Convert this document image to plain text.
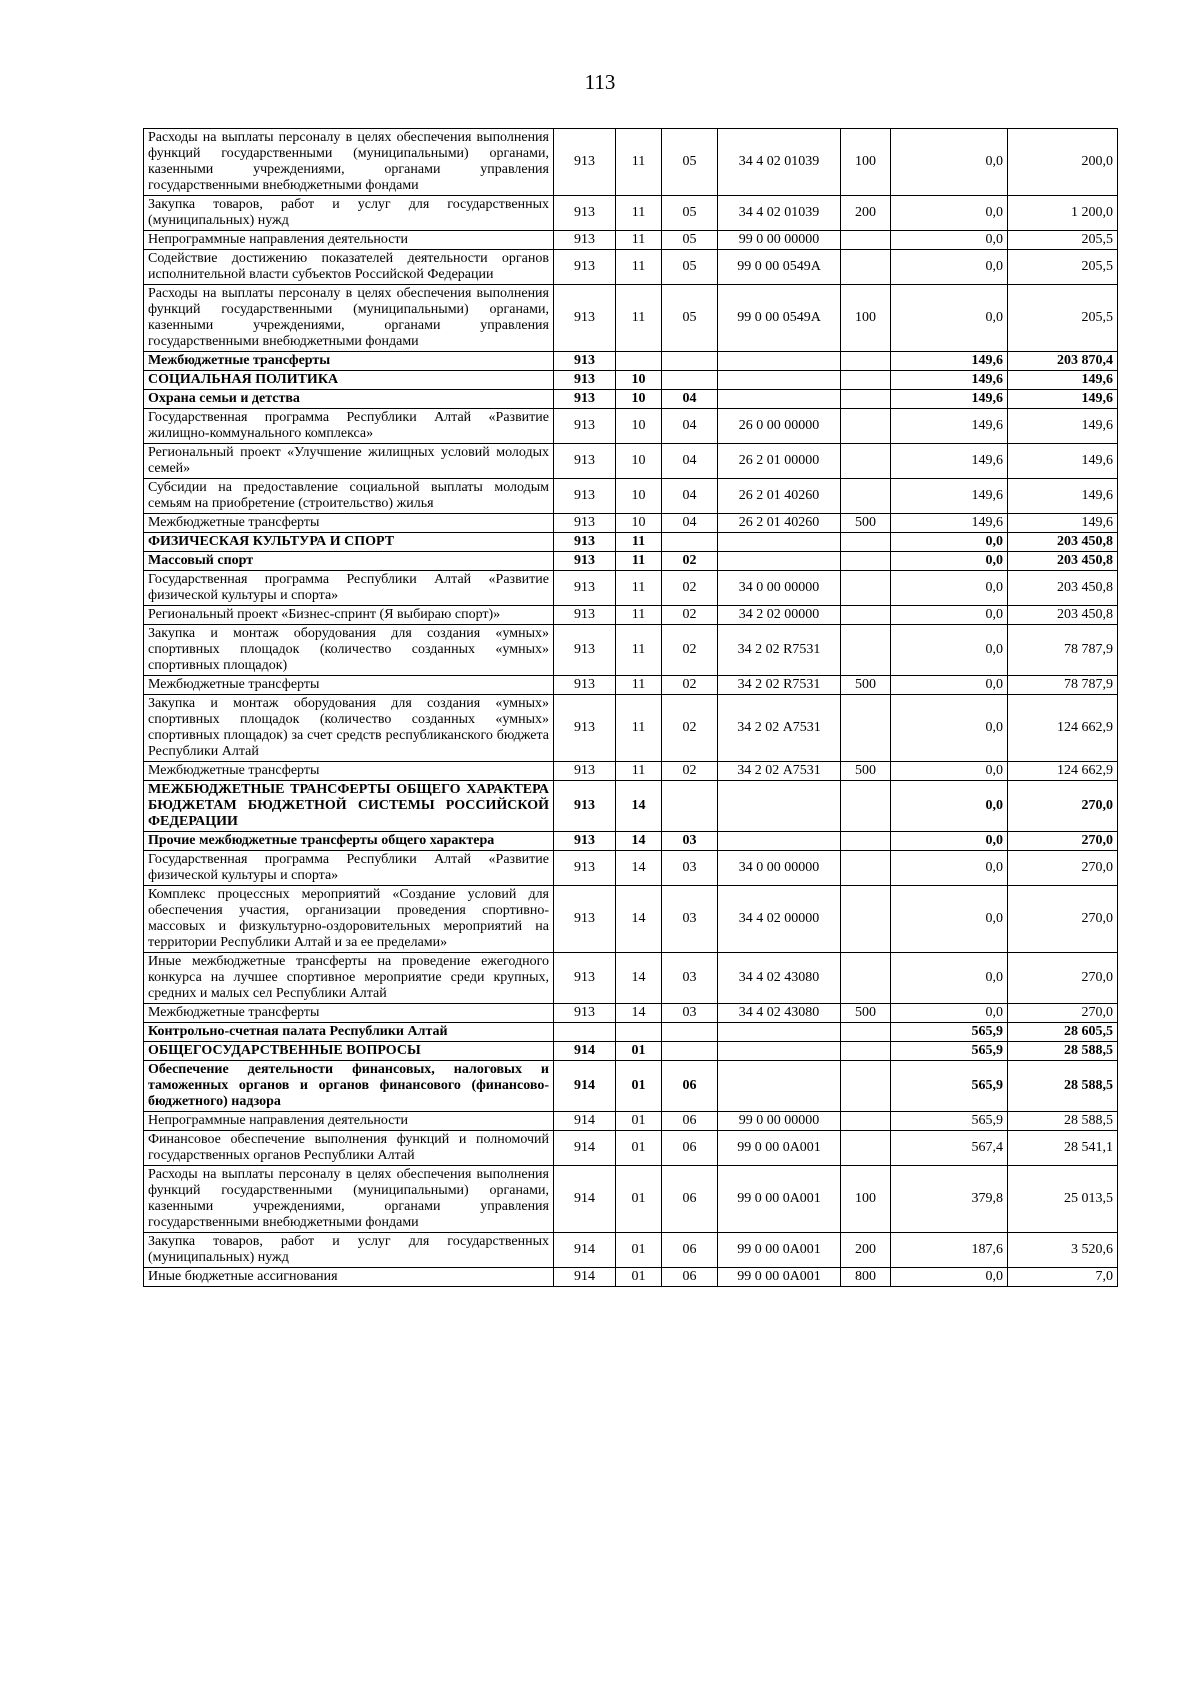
113
Расходы на выплаты персоналу в целях обеспечения выполнения функций государственными (муниципальными) органами, казенными учреждениями, органами управления государственными внебюджетными фондами	913	11	05	34 4 02 01039	100	0,0	200,0
Закупка товаров, работ и услуг для государственных (муниципальных) нужд	913	11	05	34 4 02 01039	200	0,0	1 200,0
Непрограммные направления деятельности	913	11	05	99 0 00 00000		0,0	205,5
Содействие достижению показателей деятельности органов исполнительной власти субъектов Российской Федерации	913	11	05	99 0 00 0549А		0,0	205,5
Расходы на выплаты персоналу в целях обеспечения выполнения функций государственными (муниципальными) органами, казенными учреждениями, органами управления государственными внебюджетными фондами	913	11	05	99 0 00 0549А	100	0,0	205,5
Межбюджетные трансферты	913					149,6	203 870,4
СОЦИАЛЬНАЯ ПОЛИТИКА	913	10				149,6	149,6
Охрана семьи и детства	913	10	04			149,6	149,6
Государственная программа Республики Алтай «Развитие жилищно-коммунального комплекса»	913	10	04	26 0 00 00000		149,6	149,6
Региональный проект «Улучшение жилищных условий молодых семей»	913	10	04	26 2 01 00000		149,6	149,6
Субсидии на предоставление социальной выплаты молодым семьям на приобретение (строительство) жилья	913	10	04	26 2 01 40260		149,6	149,6
Межбюджетные трансферты	913	10	04	26 2 01 40260	500	149,6	149,6
ФИЗИЧЕСКАЯ КУЛЬТУРА И СПОРТ	913	11				0,0	203 450,8
Массовый спорт	913	11	02			0,0	203 450,8
Государственная программа Республики Алтай «Развитие физической культуры и спорта»	913	11	02	34 0 00 00000		0,0	203 450,8
Региональный проект «Бизнес-спринт (Я выбираю спорт)»	913	11	02	34 2 02 00000		0,0	203 450,8
Закупка и монтаж оборудования для создания «умных» спортивных площадок (количество созданных «умных» спортивных площадок)	913	11	02	34 2 02 R7531		0,0	78 787,9
Межбюджетные трансферты	913	11	02	34 2 02 R7531	500	0,0	78 787,9
Закупка и монтаж оборудования для создания «умных» спортивных площадок (количество созданных «умных» спортивных площадок) за счет средств республиканского бюджета Республики Алтай	913	11	02	34 2 02 А7531		0,0	124 662,9
Межбюджетные трансферты	913	11	02	34 2 02 А7531	500	0,0	124 662,9
МЕЖБЮДЖЕТНЫЕ ТРАНСФЕРТЫ ОБЩЕГО ХАРАКТЕРА БЮДЖЕТАМ БЮДЖЕТНОЙ СИСТЕМЫ РОССИЙСКОЙ ФЕДЕРАЦИИ	913	14				0,0	270,0
Прочие межбюджетные трансферты общего характера	913	14	03			0,0	270,0
Государственная программа Республики Алтай «Развитие физической культуры и спорта»	913	14	03	34 0 00 00000		0,0	270,0
Комплекс процессных мероприятий «Создание условий для обеспечения участия, организации проведения спортивно-массовых и физкультурно-оздоровительных мероприятий на территории Республики Алтай и за ее пределами»	913	14	03	34 4 02 00000		0,0	270,0
Иные межбюджетные трансферты на проведение ежегодного конкурса на лучшее спортивное мероприятие среди крупных, средних и малых сел Республики Алтай	913	14	03	34 4 02 43080		0,0	270,0
Межбюджетные трансферты	913	14	03	34 4 02 43080	500	0,0	270,0
Контрольно-счетная палата Республики Алтай						565,9	28 605,5
ОБЩЕГОСУДАРСТВЕННЫЕ ВОПРОСЫ	914	01				565,9	28 588,5
Обеспечение деятельности финансовых, налоговых и таможенных органов и органов финансового (финансово-бюджетного) надзора	914	01	06			565,9	28 588,5
Непрограммные направления деятельности	914	01	06	99 0 00 00000		565,9	28 588,5
Финансовое обеспечение выполнения функций и полномочий государственных органов Республики Алтай	914	01	06	99 0 00 0А001		567,4	28 541,1
Расходы на выплаты персоналу в целях обеспечения выполнения функций государственными (муниципальными) органами, казенными учреждениями, органами управления государственными внебюджетными фондами	914	01	06	99 0 00 0А001	100	379,8	25 013,5
Закупка товаров, работ и услуг для государственных (муниципальных) нужд	914	01	06	99 0 00 0А001	200	187,6	3 520,6
Иные бюджетные ассигнования	914	01	06	99 0 00 0А001	800	0,0	7,0
